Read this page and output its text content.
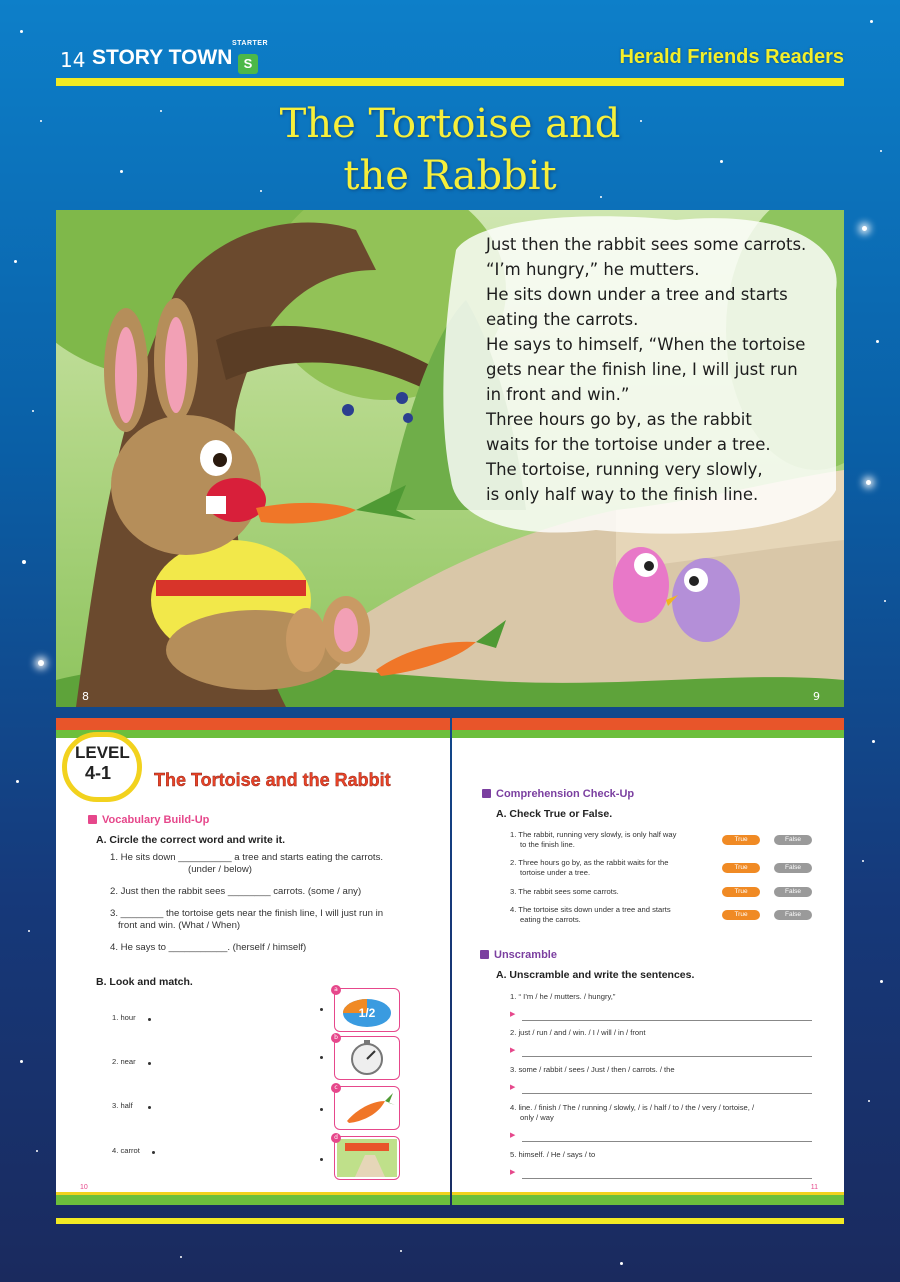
14 STORY TOWN
STARTER
S	Herald Friends Readers
The Tortoise and
the Rabbit

Just then the rabbit sees some carrots.

“I’m hungry,” he mutters.

He sits down under a tree and starts

eating the carrots.

He says to himself, “When the tortoise

gets near the finish line, I will just run

in front and win.”

Three hours go by, as the rabbit

waits for the tortoise under a tree.

The tortoise, running very slowly,

is only half way to the finish line.

8	9
LEVEL
4-1 The Tortoise and the Rabbit
Vocabulary Build-Up
A. Circle the correct word and write it.
1. He sits down __________ a tree and starts eating the carrots.
(under / below)
2. Just then the rabbit sees ________ carrots. (some / any)
3. ________ the tortoise gets near the finish line, I will just run in
front and win. (What / When)
4. He says to ___________. (herself / himself)
B. Look and match.
1. hour
2. near
3. half
4. carrot
a
1/2
b
c
d
10
Comprehension Check-Up
A. Check True or False.
1. The rabbit, running very slowly, is only half way
to the finish line.
True	False
2. Three hours go by, as the rabbit waits for the
tortoise under a tree.
True	False
3. The rabbit sees some carrots.	True	False
4. The tortoise sits down under a tree and starts
eating the carrots.
True	False
Unscramble
A. Unscramble and write the sentences.
1. “ I’m / he / mutters. / hungry,”
▶
2. just / run / and / win. / I / will / in / front
▶
3. some / rabbit / sees / Just / then / carrots. / the
▶
4. line. / finish / The / running / slowly, / is / half / to / the / very / tortoise, /
only / way
▶
5. himself. / He / says / to
▶
11
